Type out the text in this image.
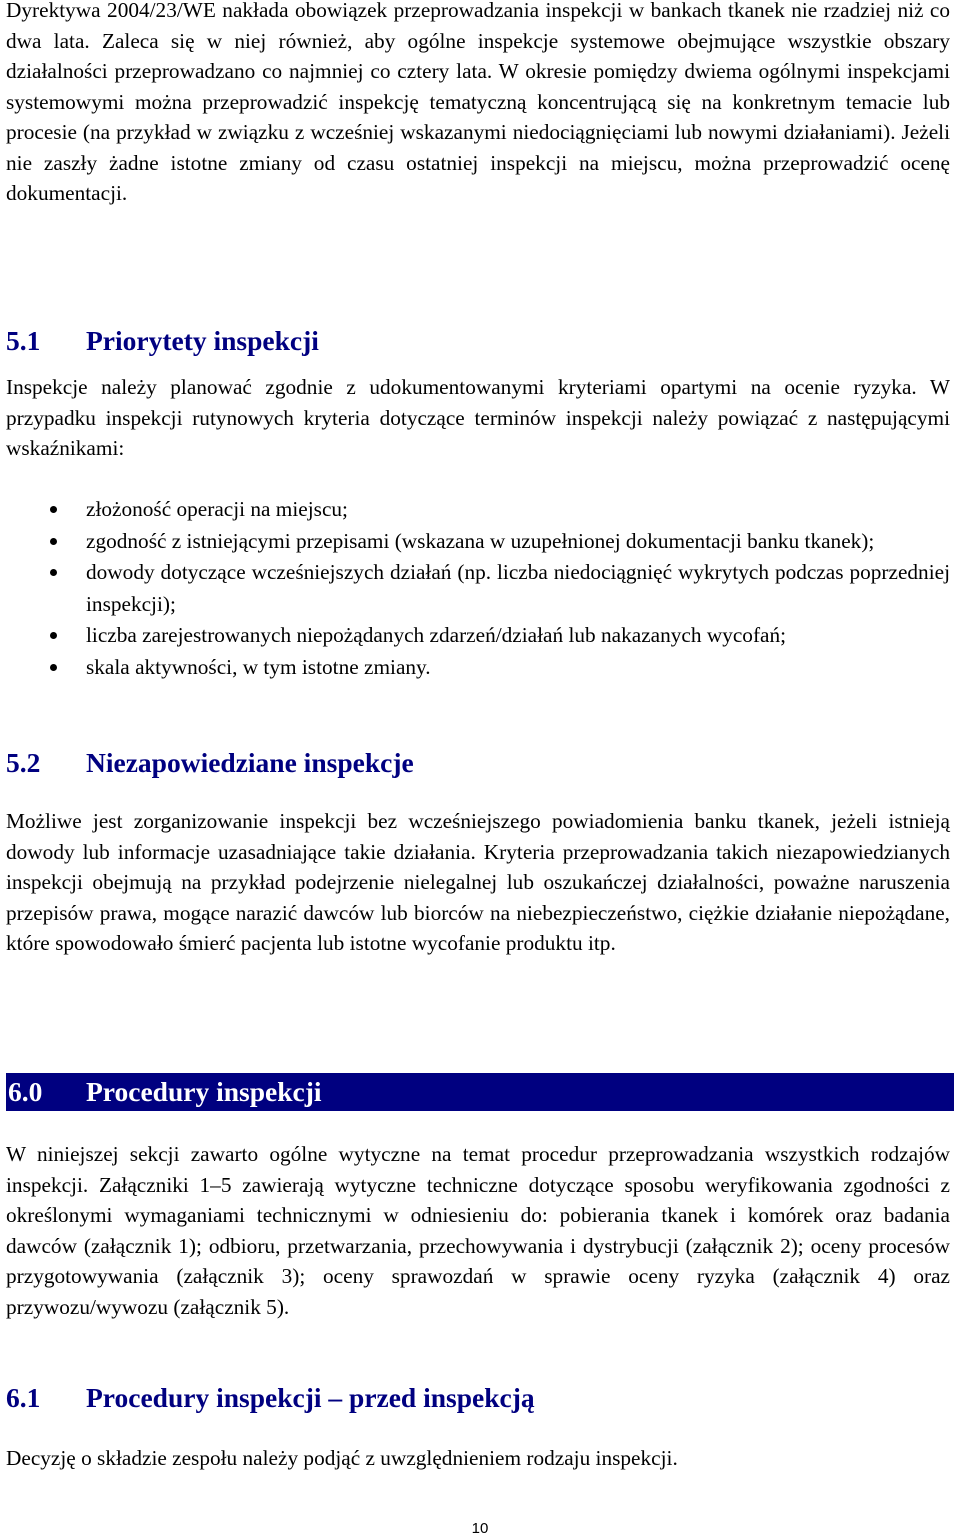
Dyrektywa 2004/23/WE nakłada obowiązek przeprowadzania inspekcji w bankach tkanek nie rzadziej niż co dwa lata. Zaleca się w niej również, aby ogólne inspekcje systemowe obejmujące wszystkie obszary działalności przeprowadzano co najmniej co cztery lata. W okresie pomiędzy dwiema ogólnymi inspekcjami systemowymi można przeprowadzić inspekcję tematyczną koncentrującą się na konkretnym temacie lub procesie (na przykład w związku z wcześniej wskazanymi niedociągnięciami lub nowymi działaniami). Jeżeli nie zaszły żadne istotne zmiany od czasu ostatniej inspekcji na miejscu, można przeprowadzić ocenę dokumentacji.

5.1 Priorytety inspekcji

Inspekcje należy planować zgodnie z udokumentowanymi kryteriami opartymi na ocenie ryzyka. W przypadku inspekcji rutynowych kryteria dotyczące terminów inspekcji należy powiązać z następującymi wskaźnikami:

złożoność operacji na miejscu;
zgodność z istniejącymi przepisami (wskazana w uzupełnionej dokumentacji banku tkanek);
dowody dotyczące wcześniejszych działań (np. liczba niedociągnięć wykrytych podczas poprzedniej inspekcji);
liczba zarejestrowanych niepożądanych zdarzeń/działań lub nakazanych wycofań;
skala aktywności, w tym istotne zmiany.
5.2 Niezapowiedziane inspekcje

Możliwe jest zorganizowanie inspekcji bez wcześniejszego powiadomienia banku tkanek, jeżeli istnieją dowody lub informacje uzasadniające takie działania. Kryteria przeprowadzania takich niezapowiedzianych inspekcji obejmują na przykład podejrzenie nielegalnej lub oszukańczej działalności, poważne naruszenia przepisów prawa, mogące narazić dawców lub biorców na niebezpieczeństwo, ciężkie działanie niepożądane, które spowodowało śmierć pacjenta lub istotne wycofanie produktu itp.

6.0 Procedury inspekcji

W niniejszej sekcji zawarto ogólne wytyczne na temat procedur przeprowadzania wszystkich rodzajów inspekcji. Załączniki 1–5 zawierają wytyczne techniczne dotyczące sposobu weryfikowania zgodności z określonymi wymaganiami technicznymi w odniesieniu do: pobierania tkanek i komórek oraz badania dawców (załącznik 1); odbioru, przetwarzania, przechowywania i dystrybucji (załącznik 2); oceny procesów przygotowywania (załącznik 3); oceny sprawozdań w sprawie oceny ryzyka (załącznik 4) oraz przywozu/wywozu (załącznik 5).

6.1 Procedury inspekcji – przed inspekcją

Decyzję o składzie zespołu należy podjąć z uwzględnieniem rodzaju inspekcji.

10
